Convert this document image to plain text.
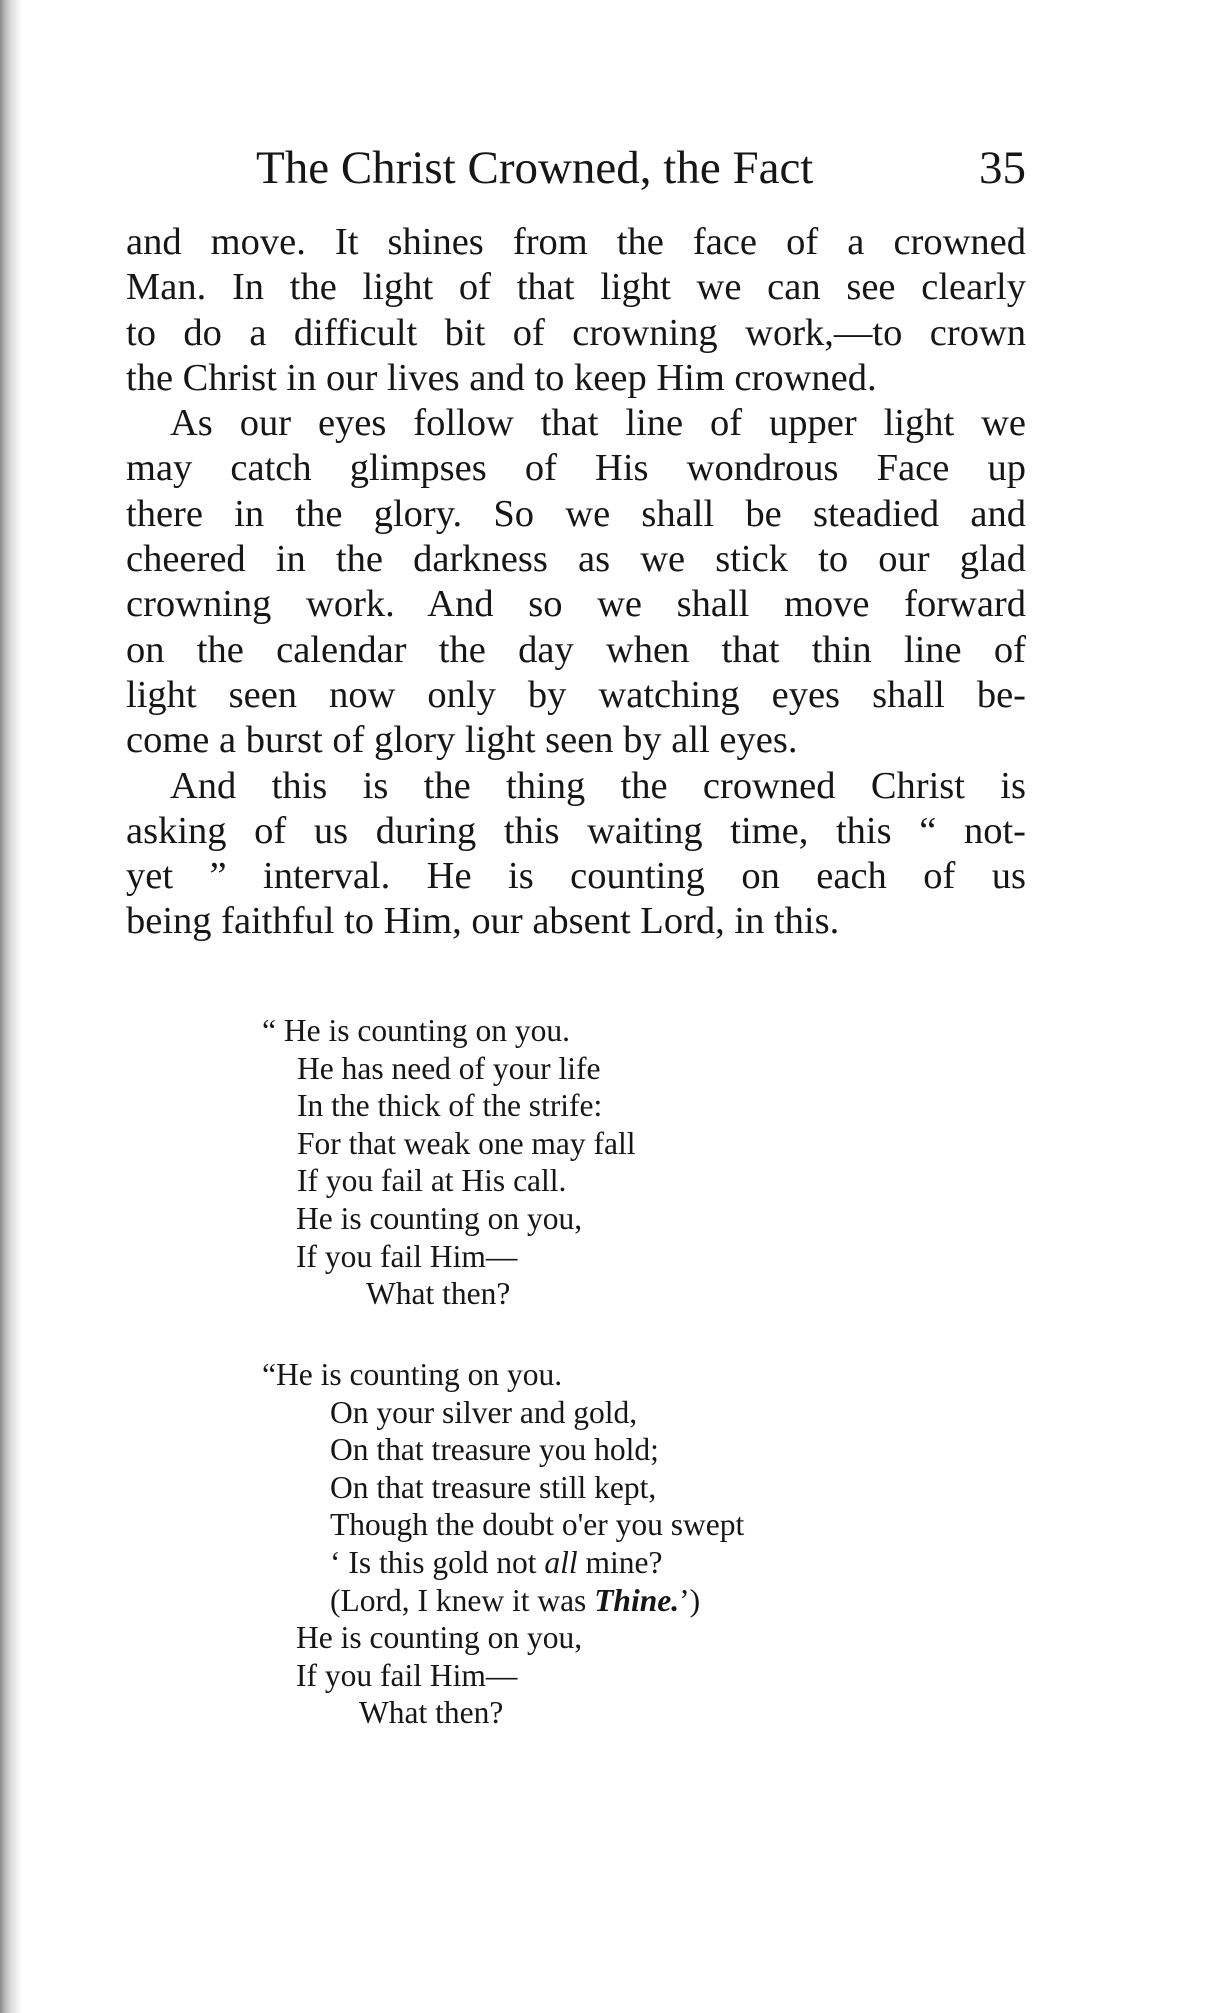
The Christ Crowned, the Fact	35
and move. It shines from the face of a crowned
Man. In the light of that light we can see clearly
to do a difficult bit of crowning work,—to crown
the Christ in our lives and to keep Him crowned.
As our eyes follow that line of upper light we
may catch glimpses of His wondrous Face up
there in the glory. So we shall be steadied and
cheered in the darkness as we stick to our glad
crowning work. And so we shall move forward
on the calendar the day when that thin line of
light seen now only by watching eyes shall be-
come a burst of glory light seen by all eyes.
And this is the thing the crowned Christ is
asking of us during this waiting time, this “ not-
yet ” interval. He is counting on each of us
being faithful to Him, our absent Lord, in this.
“ He is counting on you.
He has need of your life
In the thick of the strife:
For that weak one may fall
If you fail at His call.
He is counting on you,
If you fail Him—
What then?
“He is counting on you.
On your silver and gold,
On that treasure you hold;
On that treasure still kept,
Though the doubt o'er you swept
‘ Is this gold not all mine?
(Lord, I knew it was Thine.’)
He is counting on you,
If you fail Him—
What then?
